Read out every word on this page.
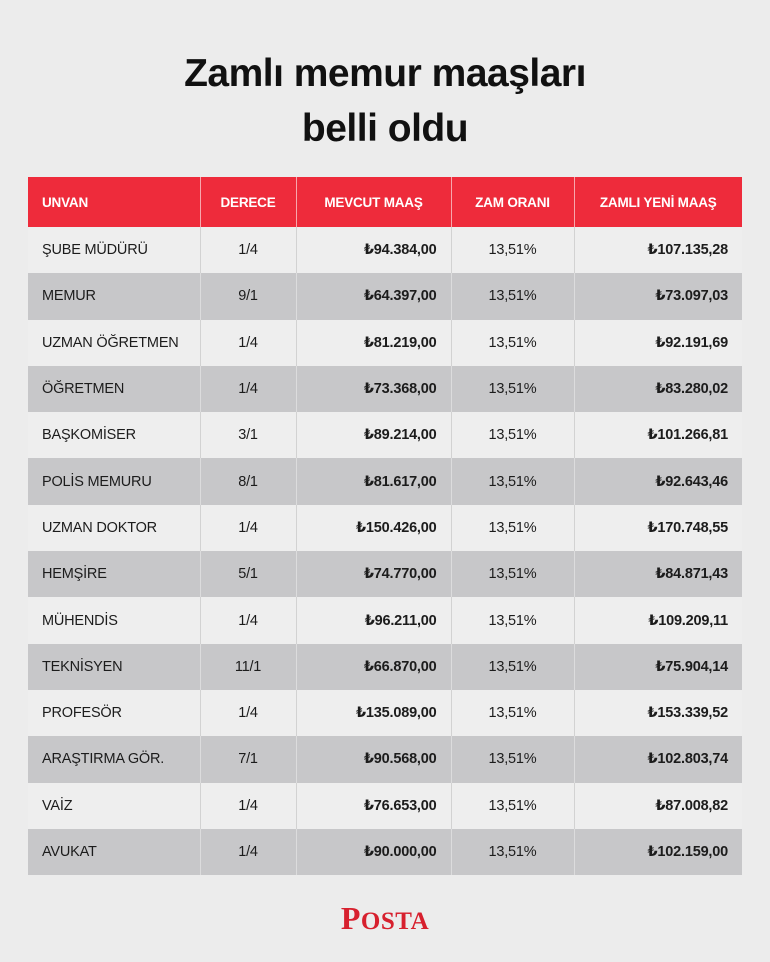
Zamlı memur maaşları
belli oldu
UNVAN	DERECE	MEVCUT MAAŞ	ZAM ORANI	ZAMLI YENİ MAAŞ
ŞUBE MÜDÜRÜ	1/4	₺94.384,00	13,51%	₺107.135,28
MEMUR	9/1	₺64.397,00	13,51%	₺73.097,03
UZMAN ÖĞRETMEN	1/4	₺81.219,00	13,51%	₺92.191,69
ÖĞRETMEN	1/4	₺73.368,00	13,51%	₺83.280,02
BAŞKOMİSER	3/1	₺89.214,00	13,51%	₺101.266,81
POLİS MEMURU	8/1	₺81.617,00	13,51%	₺92.643,46
UZMAN DOKTOR	1/4	₺150.426,00	13,51%	₺170.748,55
HEMŞİRE	5/1	₺74.770,00	13,51%	₺84.871,43
MÜHENDİS	1/4	₺96.211,00	13,51%	₺109.209,11
TEKNİSYEN	11/1	₺66.870,00	13,51%	₺75.904,14
PROFESÖR	1/4	₺135.089,00	13,51%	₺153.339,52
ARAŞTIRMA GÖR.	7/1	₺90.568,00	13,51%	₺102.803,74
VAİZ	1/4	₺76.653,00	13,51%	₺87.008,82
AVUKAT	1/4	₺90.000,00	13,51%	₺102.159,00
POSTA
